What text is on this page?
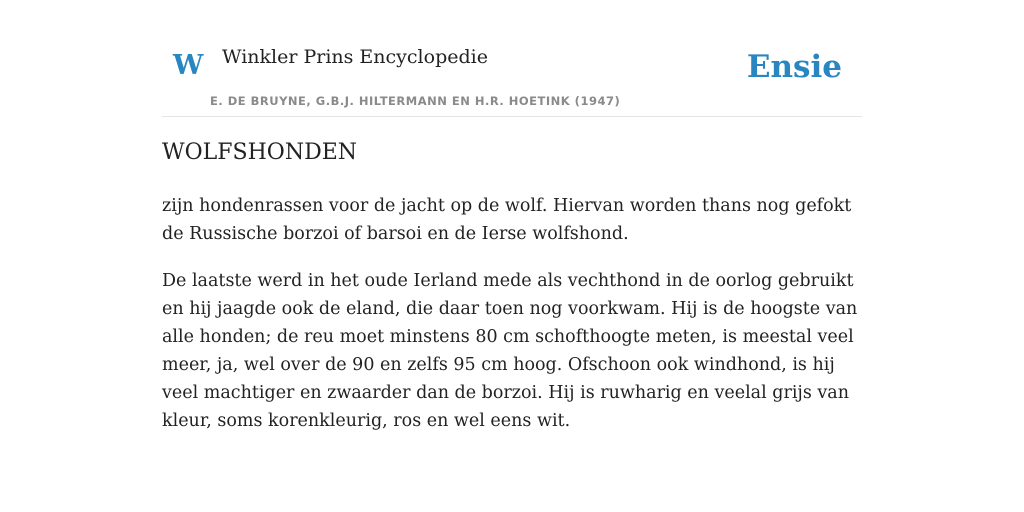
W Winkler Prins Encyclopedie
E. DE BRUYNE, G.B.J. HILTERMANN EN H.R. HOETINK (1947)
Ensie
WOLFSHONDEN

zijn hondenrassen voor de jacht op de wolf. Hiervan worden thans nog gefokt de Russische borzoi of barsoi en de Ierse wolfshond.

De laatste werd in het oude Ierland mede als vechthond in de oorlog gebruikt en hij jaagde ook de eland, die daar toen nog voorkwam. Hij is de hoogste van alle honden; de reu moet minstens 80 cm schofthoogte meten, is meestal veel meer, ja, wel over de 90 en zelfs 95 cm hoog. Ofschoon ook windhond, is hij veel machtiger en zwaarder dan de borzoi. Hij is ruwharig en veelal grijs van kleur, soms korenkleurig, ros en wel eens wit.
